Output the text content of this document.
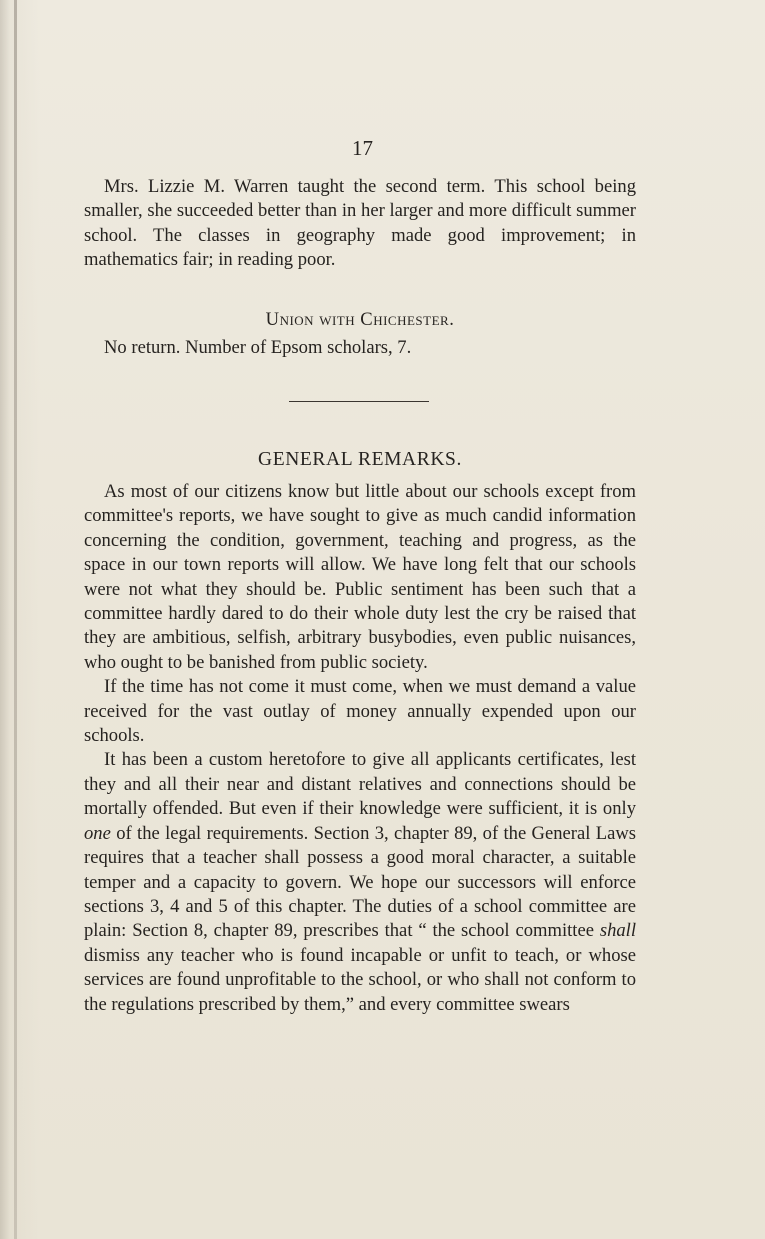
17

Mrs. Lizzie M. Warren taught the second term. This school being smaller, she succeeded better than in her larger and more difficult summer school. The classes in geography made good improvement; in mathematics fair; in reading poor.

Union with Chichester.
No return. Number of Epsom scholars, 7.
GENERAL REMARKS.

As most of our citizens know but little about our schools except from committee's reports, we have sought to give as much candid information concerning the condition, government, teaching and progress, as the space in our town reports will allow. We have long felt that our schools were not what they should be. Public sentiment has been such that a committee hardly dared to do their whole duty lest the cry be raised that they are ambitious, selfish, arbitrary busybodies, even public nuisances, who ought to be banished from public society.

If the time has not come it must come, when we must demand a value received for the vast outlay of money annually expended upon our schools.

It has been a custom heretofore to give all applicants certificates, lest they and all their near and distant relatives and connections should be mortally offended. But even if their knowledge were sufficient, it is only one of the legal requirements. Section 3, chapter 89, of the General Laws requires that a teacher shall possess a good moral character, a suitable temper and a capacity to govern. We hope our successors will enforce sections 3, 4 and 5 of this chapter. The duties of a school committee are plain: Section 8, chapter 89, prescribes that “ the school committee shall dismiss any teacher who is found incapable or unfit to teach, or whose services are found unprofitable to the school, or who shall not conform to the regulations prescribed by them,” and every committee swears
